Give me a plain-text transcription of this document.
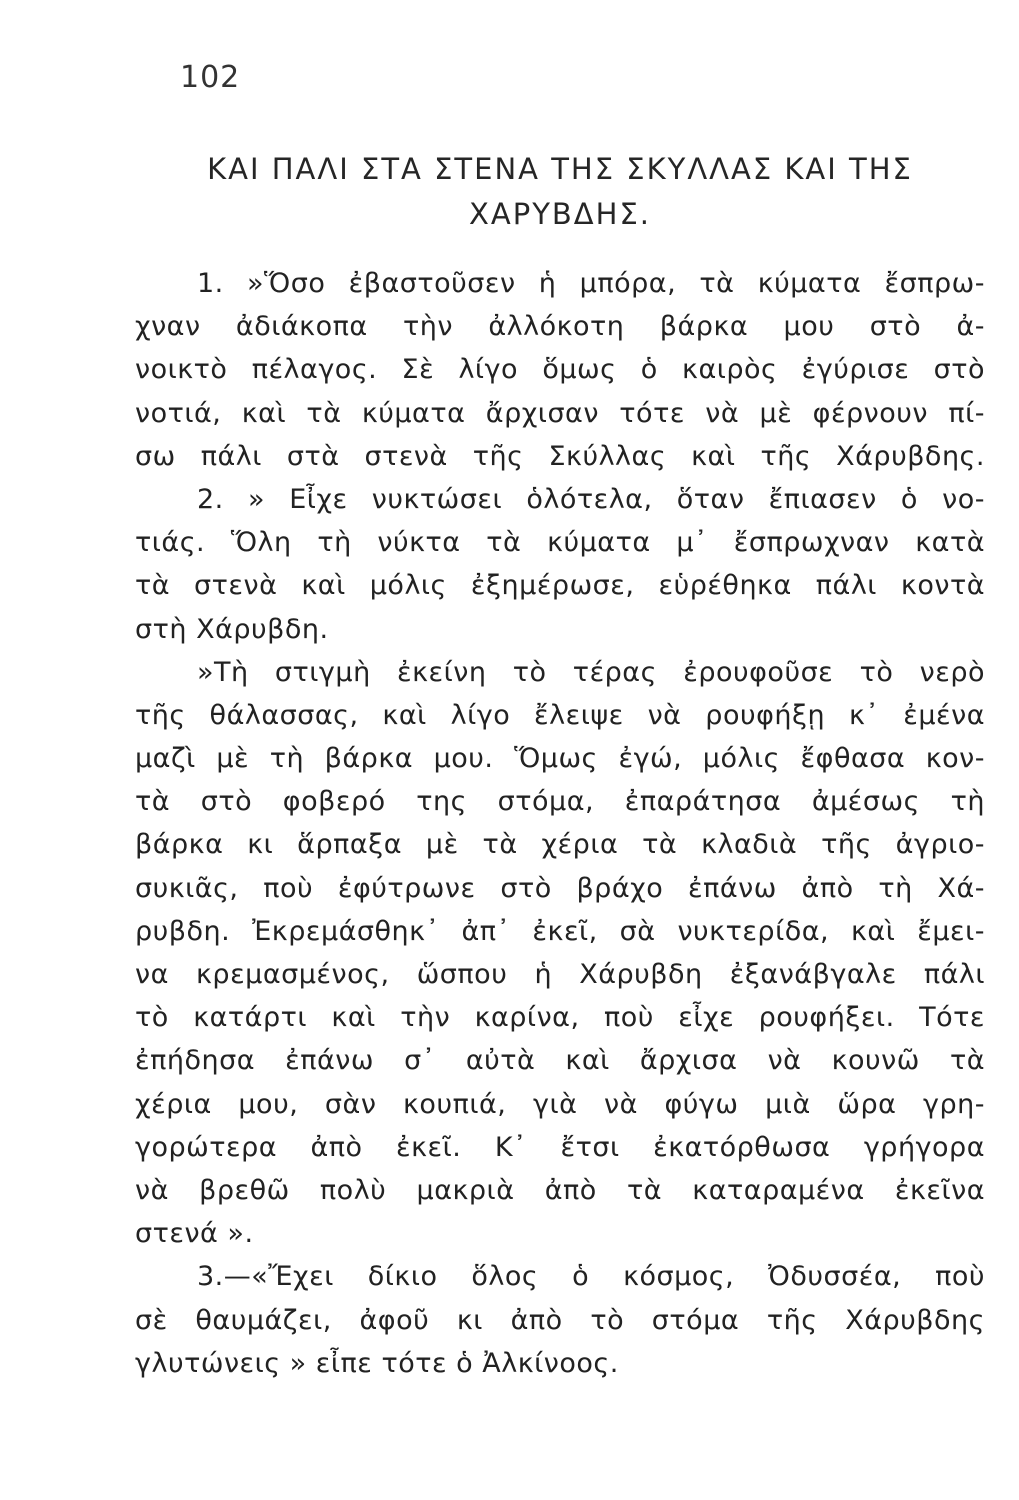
102
ΚΑΙ ΠΑΛΙ ΣΤΑ ΣΤΕΝΑ ΤΗΣ ΣΚΥΛΛΑΣ ΚΑΙ ΤΗΣ
ΧΑΡΥΒΔΗΣ.
1. »Ὅσο ἐβαστοῦσεν ἡ μπόρα, τὰ κύματα ἔσπρω-
χναν ἀδιάκοπα τὴν ἀλλόκοτη βάρκα μου στὸ ἀ-
νοικτὸ πέλαγος. Σὲ λίγο ὅμως ὁ καιρὸς ἐγύρισε στὸ
νοτιά, καὶ τὰ κύματα ἄρχισαν τότε νὰ μὲ φέρνουν πί-
σω πάλι στὰ στενὰ τῆς Σκύλλας καὶ τῆς Χάρυβδης.
2. » Εἶχε νυκτώσει ὁλότελα, ὅταν ἔπιασεν ὁ νο-
τιάς. Ὅλη τὴ νύκτα τὰ κύματα μ᾽ ἔσπρωχναν κατὰ
τὰ στενὰ καὶ μόλις ἐξημέρωσε, εὑρέθηκα πάλι κοντὰ
στὴ Χάρυβδη.
»Τὴ στιγμὴ ἐκείνη τὸ τέρας ἐρουφοῦσε τὸ νερὸ
τῆς θάλασσας, καὶ λίγο ἔλειψε νὰ ρουφήξῃ κ᾽ ἐμένα
μαζὶ μὲ τὴ βάρκα μου. Ὅμως ἐγώ, μόλις ἔφθασα κον-
τὰ στὸ φοβερό της στόμα, ἐπαράτησα ἀμέσως τὴ
βάρκα κι ἅρπαξα μὲ τὰ χέρια τὰ κλαδιὰ τῆς ἀγριο-
συκιᾶς, ποὺ ἐφύτρωνε στὸ βράχο ἐπάνω ἀπὸ τὴ Χά-
ρυβδη. Ἐκρεμάσθηκ᾽ ἀπ᾽ ἐκεῖ, σὰ νυκτερίδα, καὶ ἔμει-
να κρεμασμένος, ὥσπου ἡ Χάρυβδη ἐξανάβγαλε πάλι
τὸ κατάρτι καὶ τὴν καρίνα, ποὺ εἶχε ρουφήξει. Τότε
ἐπήδησα ἐπάνω σ᾽ αὐτὰ καὶ ἄρχισα νὰ κουνῶ τὰ
χέρια μου, σὰν κουπιά, γιὰ νὰ φύγω μιὰ ὥρα γρη-
γορώτερα ἀπὸ ἐκεῖ. Κ᾽ ἔτσι ἐκατόρθωσα γρήγορα
νὰ βρεθῶ πολὺ μακριὰ ἀπὸ τὰ καταραμένα ἐκεῖνα
στενά ».
3.—«Ἔχει δίκιο ὅλος ὁ κόσμος, Ὀδυσσέα, ποὺ
σὲ θαυμάζει, ἀφοῦ κι ἀπὸ τὸ στόμα τῆς Χάρυβδης
γλυτώνεις » εἶπε τότε ὁ Ἀλκίνοος.
